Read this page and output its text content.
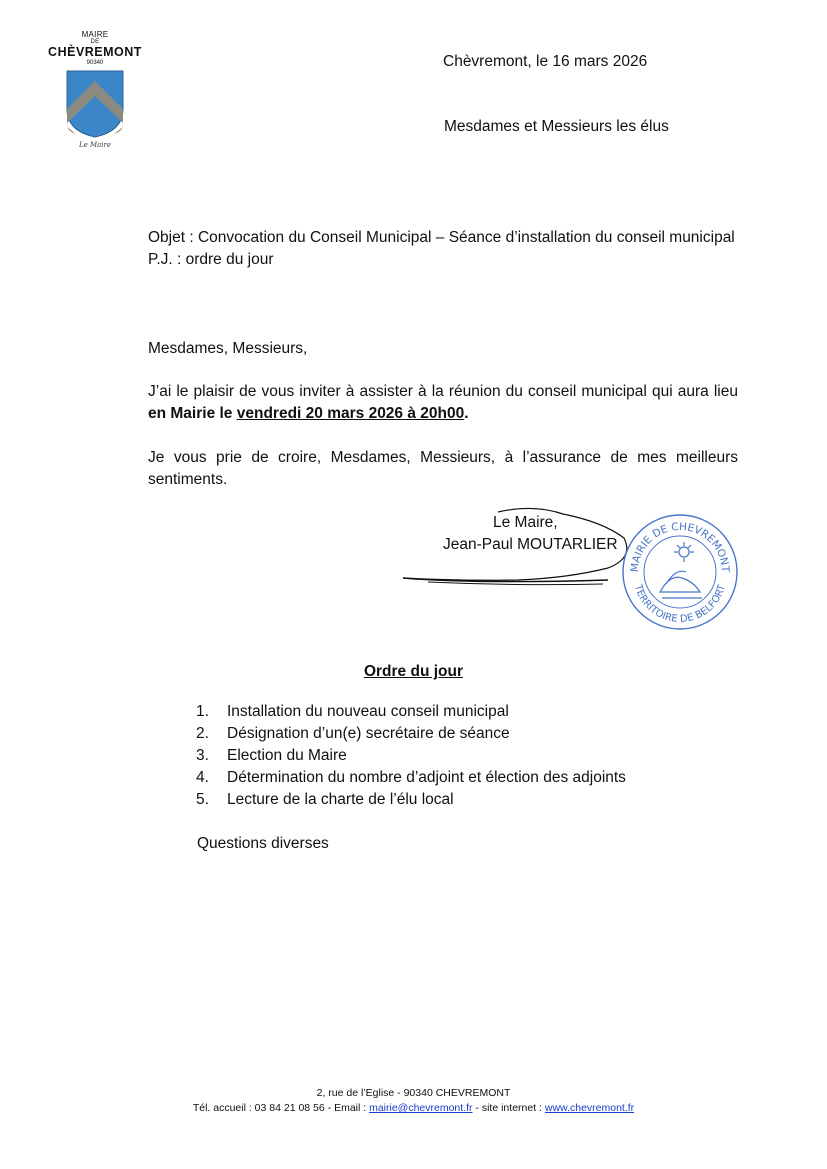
MAIRE
DE
CHÈVREMONT
90340
Le Maire
Chèvremont, le 16 mars 2026
Mesdames et Messieurs les élus
Objet : Convocation du Conseil Municipal – Séance d’installation du conseil municipal
P.J. : ordre du jour
Mesdames, Messieurs,
J’ai le plaisir de vous inviter à assister à la réunion du conseil municipal qui aura lieu en Mairie le vendredi 20 mars 2026 à 20h00.
Je vous prie de croire, Mesdames, Messieurs, à l’assurance de mes meilleurs sentiments.
Le Maire,
Jean-Paul MOUTARLIER
MAIRIE DE CHEVREMONT
TERRITOIRE DE BELFORT
Ordre du jour
1.	Installation du nouveau conseil municipal
2.	Désignation d’un(e) secrétaire de séance
3.	Election du Maire
4.	Détermination du nombre d’adjoint et élection des adjoints
5.	Lecture de la charte de l’élu local
Questions diverses
2, rue de l’Eglise - 90340 CHEVREMONT
Tél. accueil : 03 84 21 08 56 - Email : mairie@chevremont.fr - site internet : www.chevremont.fr
